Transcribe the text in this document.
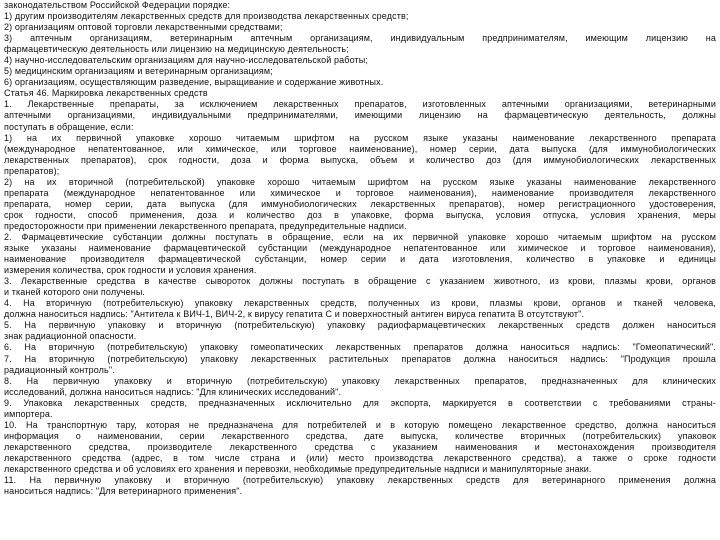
законодательством Российской Федерации порядке:
1) другим производителям лекарственных средств для производства лекарственных средств;
2) организациям оптовой торговли лекарственными средствами;
3) аптечным организациям, ветеринарным аптечным организациям, индивидуальным предпринимателям, имеющим лицензию на
фармацевтическую деятельность или лицензию на медицинскую деятельность;
4) научно-исследовательским организациям для научно-исследовательской работы;
5) медицинским организациям и ветеринарным организациям;
6) организациям, осуществляющим разведение, выращивание и содержание животных.
Статья 46. Маркировка лекарственных средств
1. Лекарственные препараты, за исключением лекарственных препаратов, изготовленных аптечными организациями, ветеринарными
аптечными организациями, индивидуальными предпринимателями, имеющими лицензию на фармацевтическую деятельность, должны
поступать в обращение, если:
1) на их первичной упаковке хорошо читаемым шрифтом на русском языке указаны наименование лекарственного препарата
(международное непатентованное, или химическое, или торговое наименование), номер серии, дата выпуска (для иммунобиологических
лекарственных препаратов), срок годности, доза и форма выпуска, объем и количество доз (для иммунобиологических лекарственных
препаратов);
2) на их вторичной (потребительской) упаковке хорошо читаемым шрифтом на русском языке указаны наименование лекарственного
препарата (международное непатентованное или химическое и торговое наименования), наименование производителя лекарственного
препарата, номер серии, дата выпуска (для иммунобиологических лекарственных препаратов), номер регистрационного удостоверения,
срок годности, способ применения, доза и количество доз в упаковке, форма выпуска, условия отпуска, условия хранения, меры
предосторожности при применении лекарственного препарата, предупредительные надписи.
2. Фармацевтические субстанции должны поступать в обращение, если на их первичной упаковке хорошо читаемым шрифтом на русском
языке указаны наименование фармацевтической субстанции (международное непатентованное или химическое и торговое наименования),
наименование производителя фармацевтической субстанции, номер серии и дата изготовления, количество в упаковке и единицы
измерения количества, срок годности и условия хранения.
3. Лекарственные средства в качестве сывороток должны поступать в обращение с указанием животного, из крови, плазмы крови, органов
и тканей которого они получены.
4. На вторичную (потребительскую) упаковку лекарственных средств, полученных из крови, плазмы крови, органов и тканей человека,
должна наноситься надпись: "Антитела к ВИЧ-1, ВИЧ-2, к вирусу гепатита С и поверхностный антиген вируса гепатита В отсутствуют".
5. На первичную упаковку и вторичную (потребительскую) упаковку радиофармацевтических лекарственных средств должен наноситься
знак радиационной опасности.
6. На вторичную (потребительскую) упаковку гомеопатических лекарственных препаратов должна наноситься надпись: "Гомеопатический".
7. На вторичную (потребительскую) упаковку лекарственных растительных препаратов должна наноситься надпись: "Продукция прошла
радиационный контроль".
8. На первичную упаковку и вторичную (потребительскую) упаковку лекарственных препаратов, предназначенных для клинических
исследований, должна наноситься надпись: "Для клинических исследований".
9. Упаковка лекарственных средств, предназначенных исключительно для экспорта, маркируется в соответствии с требованиями страны-
импортера.
10. На транспортную тару, которая не предназначена для потребителей и в которую помещено лекарственное средство, должна наноситься
информация о наименовании, серии лекарственного средства, дате выпуска, количестве вторичных (потребительских) упаковок
лекарственного средства, производителе лекарственного средства с указанием наименования и местонахождения производителя
лекарственного средства (адрес, в том числе страна и (или) место производства лекарственного средства), а также о сроке годности
лекарственного средства и об условиях его хранения и перевозки, необходимые предупредительные надписи и манипуляторные знаки.
11. На первичную упаковку и вторичную (потребительскую) упаковку лекарственных средств для ветеринарного применения должна
наноситься надпись: "Для ветеринарного применения".
